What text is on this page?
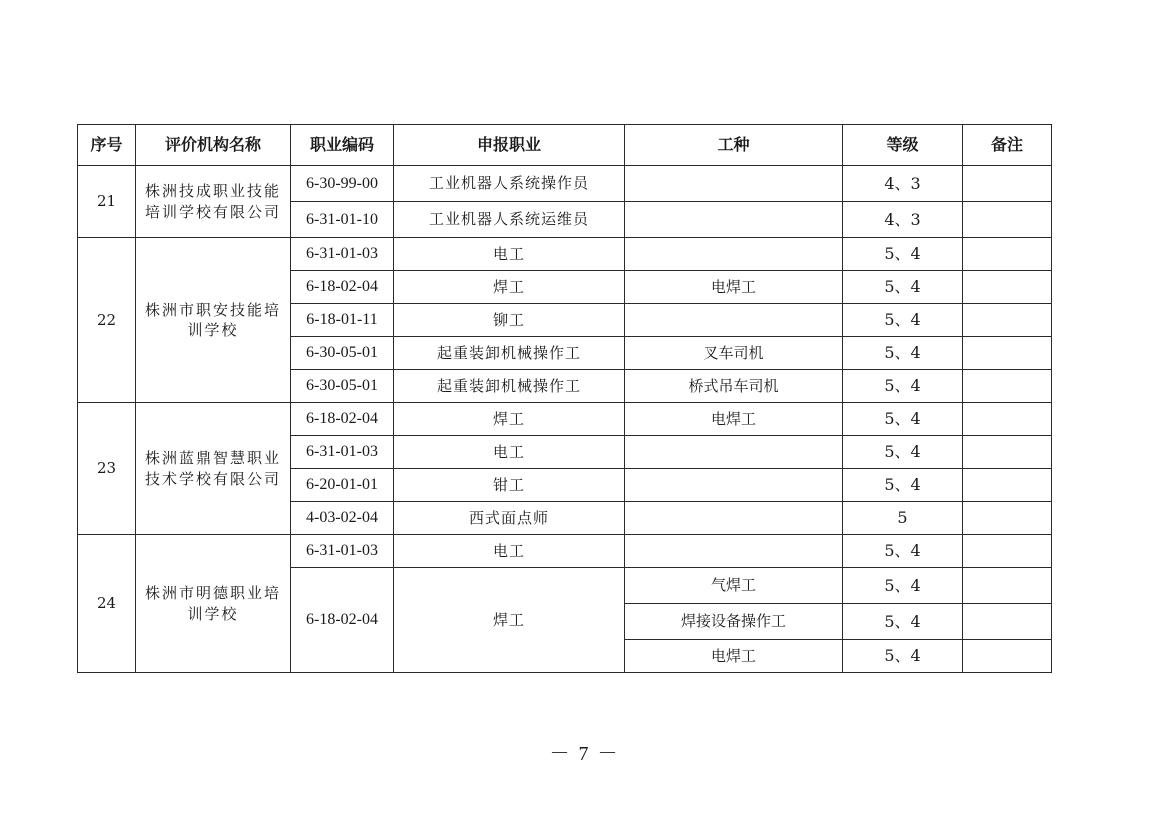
序号	评价机构名称	职业编码	申报职业	工种	等级	备注
21	株洲技成职业技能培训学校有限公司	6-30-99-00	工业机器人系统操作员		4、3	
		6-31-01-10	工业机器人系统运维员		4、3	
22	株洲市职安技能培训学校	6-31-01-03	电工		5、4	
		6-18-02-04	焊工	电焊工	5、4	
		6-18-01-11	铆工		5、4	
		6-30-05-01	起重装卸机械操作工	叉车司机	5、4	
		6-30-05-01	起重装卸机械操作工	桥式吊车司机	5、4	
23	株洲蓝鼎智慧职业技术学校有限公司	6-18-02-04	焊工	电焊工	5、4	
		6-31-01-03	电工		5、4	
		6-20-01-01	钳工		5、4	
		4-03-02-04	西式面点师		5	
24	株洲市明德职业培训学校	6-31-01-03	电工		5、4	
		6-18-02-04	焊工	气焊工	5、4	
				焊接设备操作工	5、4	
				电焊工	5、4	
－ 7 －
